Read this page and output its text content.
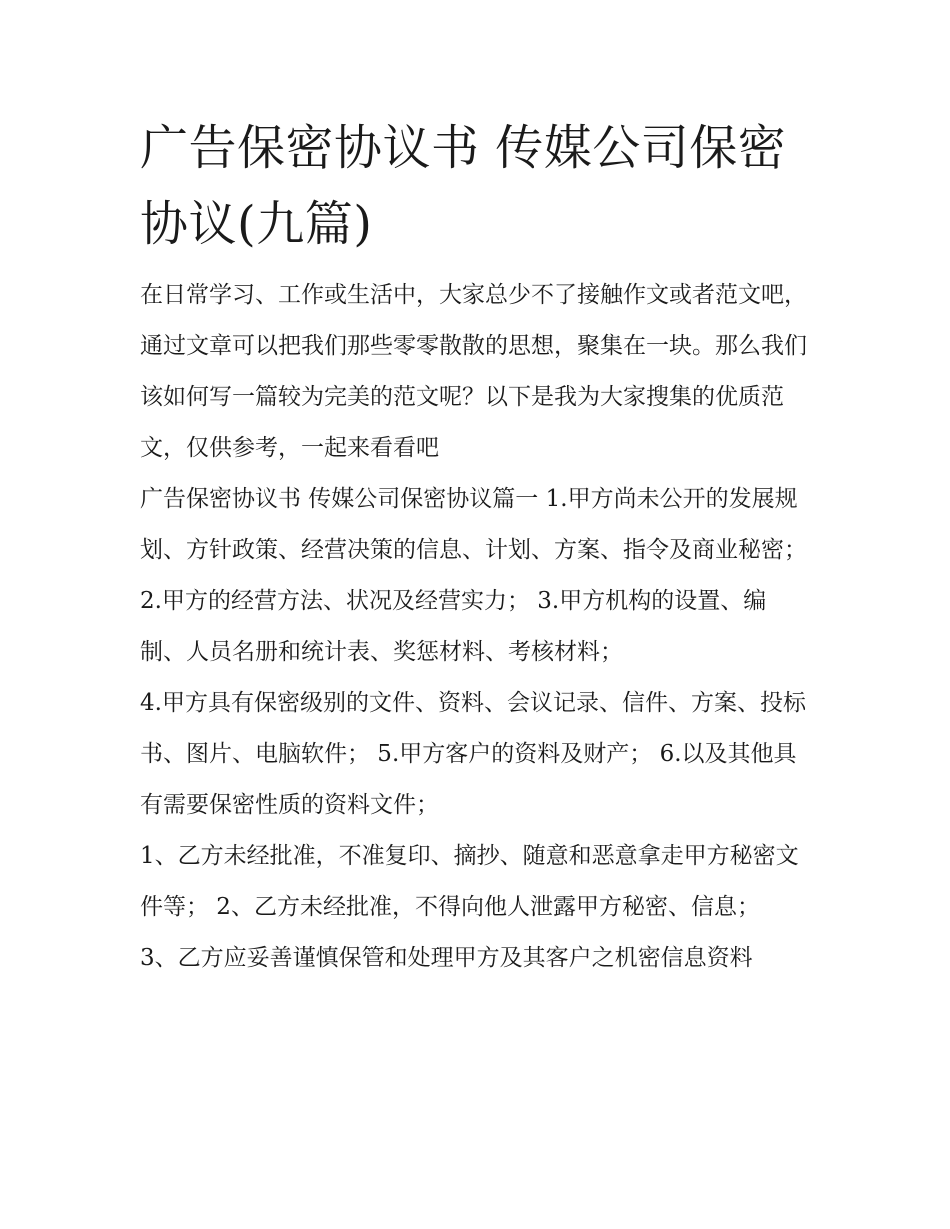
广告保密协议书 传媒公司保密协议(九篇)

在日常学习、工作或生活中，大家总少不了接触作文或者范文吧，通过文章可以把我们那些零零散散的思想，聚集在一块。那么我们该如何写一篇较为完美的范文呢？以下是我为大家搜集的优质范文，仅供参考，一起来看看吧

广告保密协议书 传媒公司保密协议篇一 1.甲方尚未公开的发展规划、方针政策、经营决策的信息、计划、方案、指令及商业秘密；

2.甲方的经营方法、状况及经营实力； 3.甲方机构的设置、编制、人员名册和统计表、奖惩材料、考核材料；

4.甲方具有保密级别的文件、资料、会议记录、信件、方案、投标书、图片、电脑软件； 5.甲方客户的资料及财产； 6.以及其他具有需要保密性质的资料文件；

1、乙方未经批准，不准复印、摘抄、随意和恶意拿走甲方秘密文件等； 2、乙方未经批准，不得向他人泄露甲方秘密、信息；

3、乙方应妥善谨慎保管和处理甲方及其客户之机密信息资料
